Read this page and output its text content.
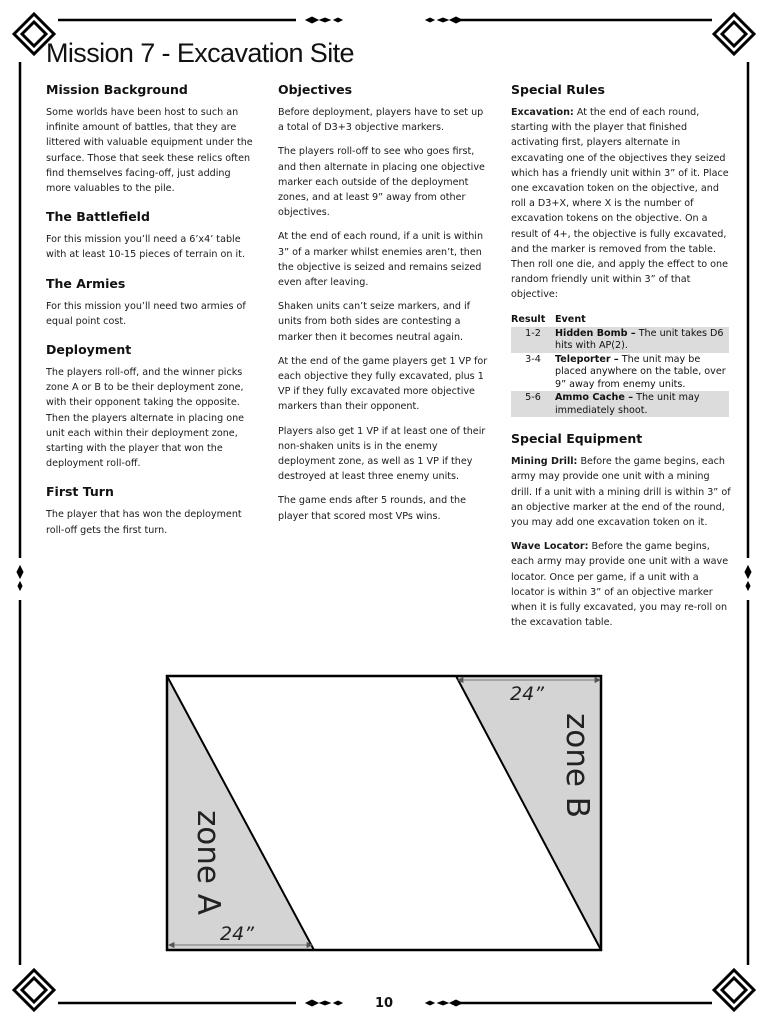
Mission 7 - Excavation Site
Mission Background

Some worlds have been host to such an infinite amount of battles, that they are littered with valuable equipment under the surface. Those that seek these relics often find themselves facing-off, just adding more valuables to the pile.

The Battlefield

For this mission you’ll need a 6’x4’ table with at least 10-15 pieces of terrain on it.

The Armies

For this mission you’ll need two armies of equal point cost.

Deployment

The players roll-off, and the winner picks zone A or B to be their deployment zone, with their opponent taking the opposite. Then the players alternate in placing one unit each within their deployment zone, starting with the player that won the deployment roll-off.

First Turn

The player that has won the deployment roll-off gets the first turn.

Objectives

Before deployment, players have to set up a total of D3+3 objective markers.

The players roll-off to see who goes first, and then alternate in placing one objective marker each outside of the deployment zones, and at least 9” away from other objectives.

At the end of each round, if a unit is within 3” of a marker whilst enemies aren’t, then the objective is seized and remains seized even after leaving.

Shaken units can’t seize markers, and if units from both sides are contesting a marker then it becomes neutral again.

At the end of the game players get 1 VP for each objective they fully excavated, plus 1 VP if they fully excavated more objective markers than their opponent.

Players also get 1 VP if at least one of their non-shaken units is in the enemy deployment zone, as well as 1 VP if they destroyed at least three enemy units.

The game ends after 5 rounds, and the player that scored most VPs wins.

Special Rules

Excavation: At the end of each round, starting with the player that finished activating first, players alternate in excavating one of the objectives they seized which has a friendly unit within 3” of it. Place one excavation token on the objective, and roll a D3+X, where X is the number of excavation tokens on the objective. On a result of 4+, the objective is fully excavated, and the marker is removed from the table. Then roll one die, and apply the effect to one random friendly unit within 3” of that objective:

Result	Event
1-2	Hidden Bomb – The unit takes D6 hits with AP(2).
3-4	Teleporter – The unit may be placed anywhere on the table, over 9” away from enemy units.
5-6	Ammo Cache – The unit may immediately shoot.
Special Equipment

Mining Drill: Before the game begins, each army may provide one unit with a mining drill. If a unit with a mining drill is within 3” of an objective marker at the end of the round, you may add one excavation token on it.

Wave Locator: Before the game begins, each army may provide one unit with a wave locator. Once per game, if a unit with a locator is within 3” of an objective marker when it is fully excavated, you may re-roll on the excavation table.

24”
24”
zone B
zone A
10
